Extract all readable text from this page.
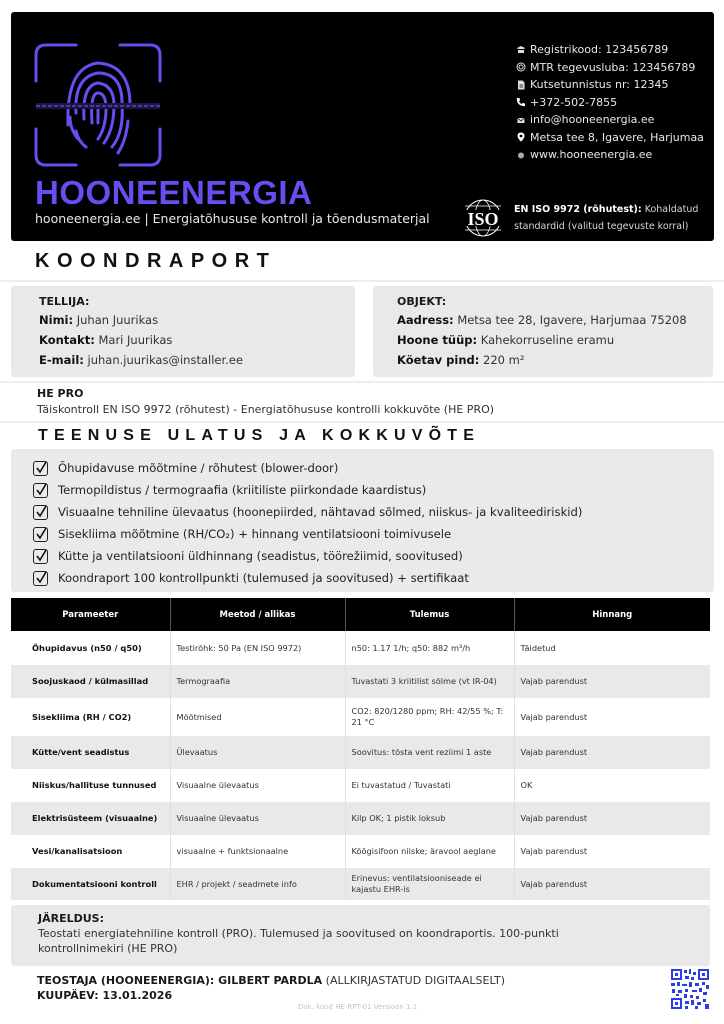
HOONEENERGIA
hooneenergia.ee | Energiatõhususe kontroll ja tõendusmaterjal
Registrikood: 123456789
MTR tegevusluba: 123456789
Kutsetunnistus nr: 12345
+372-502-7855
info@hooneenergia.ee
Metsa tee 8, Igavere, Harjumaa
www.hooneenergia.ee
ISO EN ISO 9972 (rõhutest): Kohaldatud standardid (valitud tegevuste korral)
KOONDRAPORT
TELLIJA:
Nimi: Juhan Juurikas
Kontakt: Mari Juurikas
E-mail: juhan.juurikas@installer.ee
OBJEKT:
Aadress: Metsa tee 28, Igavere, Harjumaa 75208
Hoone tüüp: Kahekorruseline eramu
Köetav pind: 220 m²
HE PRO
Täiskontroll EN ISO 9972 (rõhutest) - Energiatõhususe kontrolli kokkuvõte (HE PRO)
TEENUSE ULATUS JA KOKKUVÕTE
Õhupidavuse mõõtmine / rõhutest (blower-door)
Termopildistus / termograafia (kriitiliste piirkondade kaardistus)
Visuaalne tehniline ülevaatus (hoonepiirded, nähtavad sõlmed, niiskus- ja kvaliteediriskid)
Sisekliima mõõtmine (RH/CO₂) + hinnang ventilatsiooni toimivusele
Kütte ja ventilatsiooni üldhinnang (seadistus, töörežiimid, soovitused)
Koondraport 100 kontrollpunkti (tulemused ja soovitused) + sertifikaat
Parameeter	Meetod / allikas	Tulemus	Hinnang
Õhupidavus (n50 / q50)	Testirõhk: 50 Pa (EN ISO 9972)	n50: 1.17 1/h; q50: 882 m³/h	Täidetud
Soojuskaod / külmasillad	Termograafia	Tuvastati 3 kriitilist sõlme (vt IR-04)	Vajab parendust
Sisekliima (RH / CO2)	Mõõtmised	CO2: 820/1280 ppm; RH: 42/55 %; T: 21 °C	Vajab parendust
Kütte/vent seadistus	Ülevaatus	Soovitus: tõsta vent reziimi 1 aste	Vajab parendust
Niiskus/hallituse tunnused	Visuaalne ülevaatus	Ei tuvastatud / Tuvastati	OK
Elektrisüsteem (visuaalne)	Visuaalne ülevaatus	Kilp OK; 1 pistik loksub	Vajab parendust
Vesi/kanalisatsioon	visuaalne + funktsionaalne	Köögisifoon niiske; äravool aeglane	Vajab parendust
Dokumentatsiooni kontroll	EHR / projekt / seadmete info	Erinevus: ventilatsiooniseade ei kajastu EHR-is	Vajab parendust
JÄRELDUS:
Teostati energiatehniline kontroll (PRO). Tulemused ja soovitused on koondraportis. 100-punkti kontrollnimekiri (HE PRO)
TEOSTAJA (HOONEENERGIA): GILBERT PARDLA (ALLKIRJASTATUD DIGITAALSELT)
KUUPÄEV: 13.01.2026
Dok. kood HE-RPT-01 Versioon 1.1
